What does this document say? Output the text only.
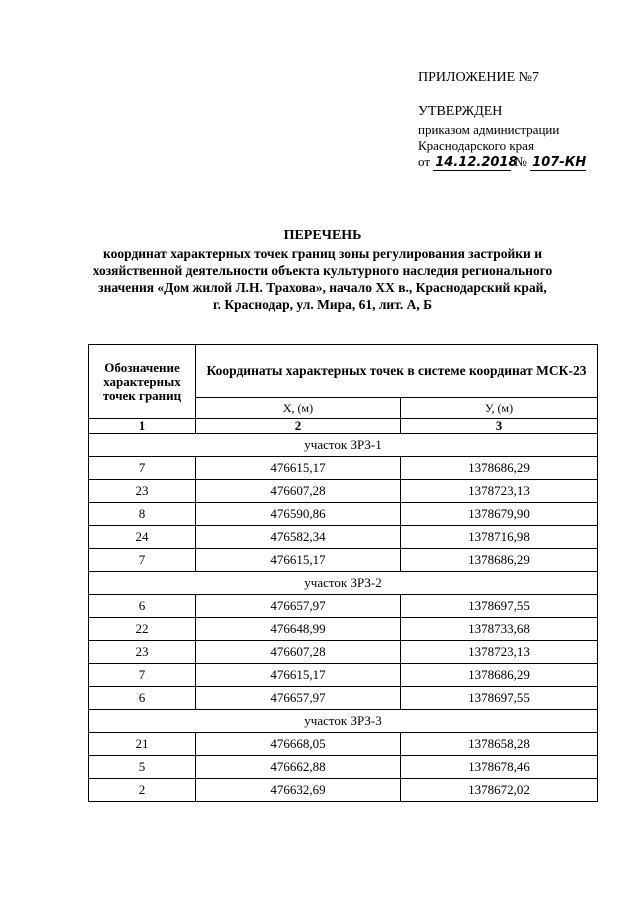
ПРИЛОЖЕНИЕ №7
УТВЕРЖДЕН
приказом администрации
Краснодарского края
от 14.12.2018 № 107-КН
ПЕРЕЧЕНЬ
координат характерных точек границ зоны регулирования застройки и
хозяйственной деятельности объекта культурного наследия регионального
значения «Дом жилой Л.Н. Трахова», начало XX в., Краснодарский край,
г. Краснодар, ул. Мира, 61, лит. А, Б
Обозначение характерных точек границ	Координаты характерных точек в системе координат МСК-23	
	X, (м)	У, (м)
1	2	3
участок ЗРЗ-1		
7	476615,17	1378686,29
23	476607,28	1378723,13
8	476590,86	1378679,90
24	476582,34	1378716,98
7	476615,17	1378686,29
участок ЗРЗ-2		
6	476657,97	1378697,55
22	476648,99	1378733,68
23	476607,28	1378723,13
7	476615,17	1378686,29
6	476657,97	1378697,55
участок ЗРЗ-3		
21	476668,05	1378658,28
5	476662,88	1378678,46
2	476632,69	1378672,02
